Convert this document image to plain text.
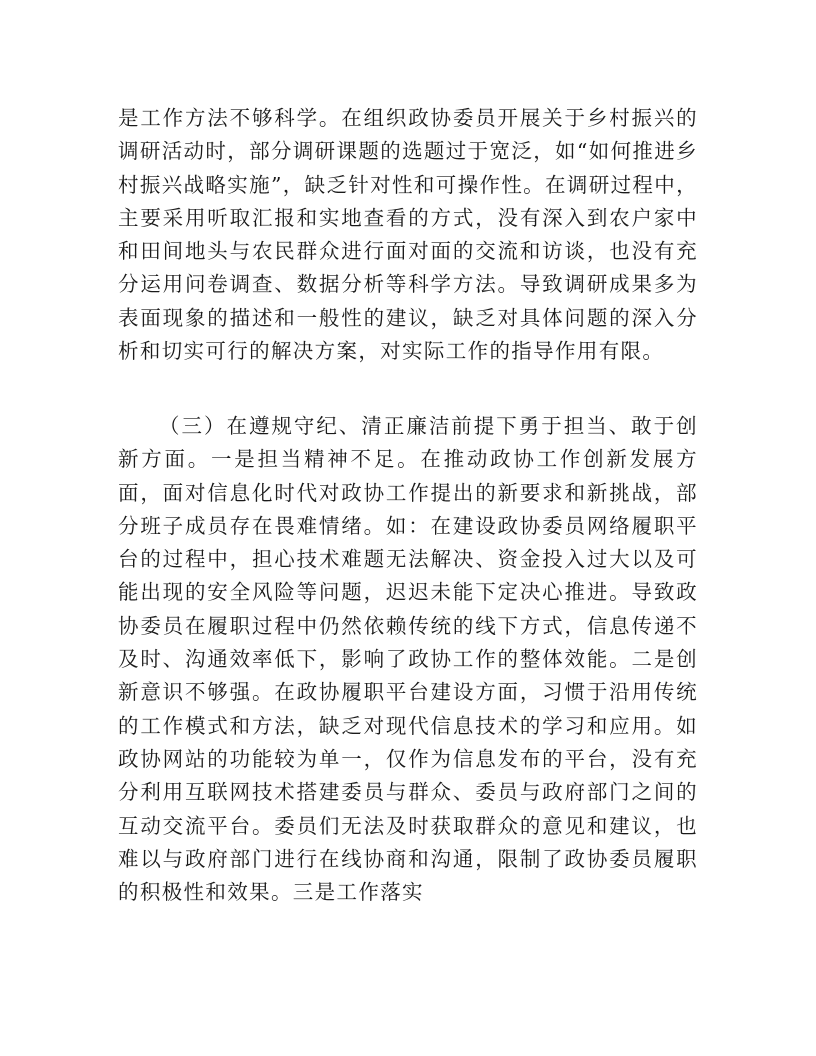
是工作方法不够科学。在组织政协委员开展关于乡村振兴的调研活动时，部分调研课题的选题过于宽泛，如“如何推进乡村振兴战略实施”，缺乏针对性和可操作性。在调研过程中，主要采用听取汇报和实地查看的方式，没有深入到农户家中和田间地头与农民群众进行面对面的交流和访谈，也没有充分运用问卷调查、数据分析等科学方法。导致调研成果多为表面现象的描述和一般性的建议，缺乏对具体问题的深入分析和切实可行的解决方案，对实际工作的指导作用有限。

（三）在遵规守纪、清正廉洁前提下勇于担当、敢于创新方面。一是担当精神不足。在推动政协工作创新发展方面，面对信息化时代对政协工作提出的新要求和新挑战，部分班子成员存在畏难情绪。如：在建设政协委员网络履职平台的过程中，担心技术难题无法解决、资金投入过大以及可能出现的安全风险等问题，迟迟未能下定决心推进。导致政协委员在履职过程中仍然依赖传统的线下方式，信息传递不及时、沟通效率低下，影响了政协工作的整体效能。二是创新意识不够强。在政协履职平台建设方面，习惯于沿用传统的工作模式和方法，缺乏对现代信息技术的学习和应用。如政协网站的功能较为单一，仅作为信息发布的平台，没有充分利用互联网技术搭建委员与群众、委员与政府部门之间的互动交流平台。委员们无法及时获取群众的意见和建议，也难以与政府部门进行在线协商和沟通，限制了政协委员履职的积极性和效果。三是工作落实
